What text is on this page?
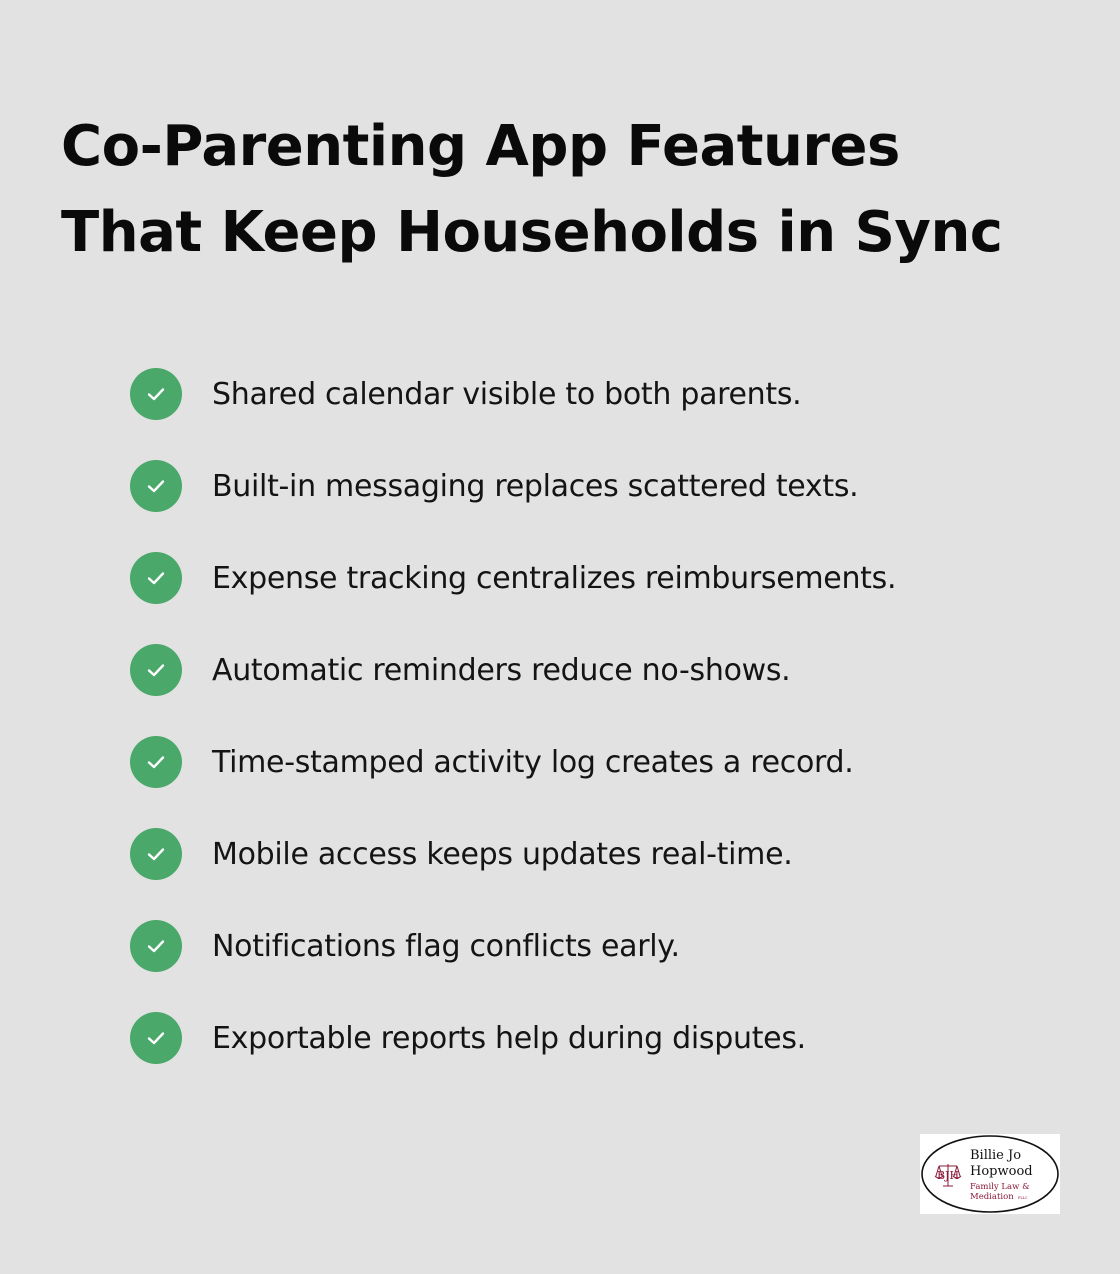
Co-Parenting App Features
That Keep Households in Sync
Shared calendar visible to both parents.
Built-in messaging replaces scattered texts.
Expense tracking centralizes reimbursements.
Automatic reminders reduce no-shows.
Time-stamped activity log creates a record.
Mobile access keeps updates real-time.
Notifications flag conflicts early.
Exportable reports help during disputes.
BJH
Billie Jo
Hopwood
Family Law &
Mediation PLLC
